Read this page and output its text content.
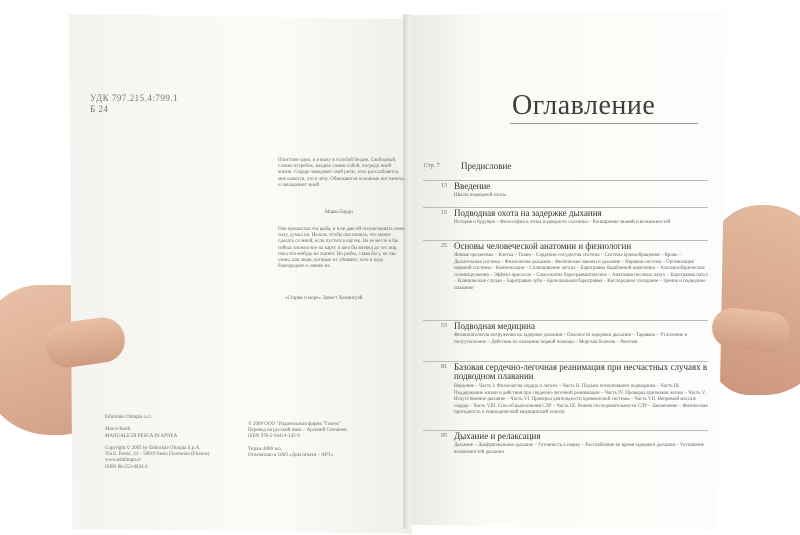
УДК 797.215.4:799.1
Б 24
Поистине одно, и я вижу в голубой бездне. Свободный, словно ястребок, владею самим собой, посреди иной жизни. Сердце замедляет свой ритм, тело расслабляется, мне кажется, что я лечу. Обнажаются основные инстинкты, и завладевает мной
Марко Барди
Она прошагала эта рыба, и я не даю ей почувствовать свою силу, думал он. Нельзя, чтобы она поняла, что может сделать со мной, если пустится наутек. На ее месте я бы сейчас вложил все на карту и шел бы вперед до тех пор, пока что-нибудь не лопнет. Но рыбы, слава богу, не так умны, как люди, которые их убивают, хоть и куда благороднее и ловчее их.
«Старик и море» Эрнест Хемингуэй
Editoriale Olimpia s.r.l.

Marco Bardi
MANUALE DI PESCA IN APNEA

Copyright © 2003 by Editoriale Olimpia S.p.A.
Via E. Fermi, 24 – 50019 Sesto Fiorentino (Firenze)
www.edolimpia.it
ISBN 88-253-0034-4
© 2009 ООО "Издательская фирма "Гелеос"
Перевод на русский язык – Арсений Степанов
ISBN 978-5-94414-145-9

Тираж 4000 экз.
Отпечатано в ОАО «Дом печати – АРТ»
Оглавление
Стр. 7 Предисловие
13 Введение
Школа подводной охоты
15 Подводная охота на задержке дыхания
История и будущее – Философия и этика подводного охотника – Расширение знаний и возможностей
25 Основы человеческой анатомии и физиологии
Живые организмы – Клетка – Ткани – Сердечно-сосудистая система – Система кровообращения – Кровь – Дыхательная система – Физиология дыхания – Физические законы и дыхание – Нервная система – Организация нервной системы – Компенсация – Сплющивание легких – Баротравма барабанной перепонки – Альтернобарические головокружения – Эффект присосок – Самосжатие баротравматическое – Анатомия носовых пазух – Баротравма пазух – Клинические случаи – Баротравма зуба – Бронхиальная баротравма – Кислородное голодание – Зрение и подводное плавание
53 Подводная медицина
Физиопатология погружения на задержке дыхания – Опасности задержки дыхания – Таравана – Утопление и полуутопление – Действия по оказанию первой помощи – Морская болезнь – Рвотная
81 Базовая сердечно-легочная реанимация при несчастных случаях в подводном плавании
Введение – Часть I. Физиология сердца и легких – Часть II. Подъем потерпевшего подводника – Часть III. Поддержание жизни и действия при сердечно-легочной реанимации – Часть IV. Проверка признаков жизни – Часть V. Искусственное дыхание – Часть VI. Проверка деятельности кровеносной системы – Часть VII. Непрямой массаж сердца – Часть VIII. Способ выполнения СЛР – Часть IX. Режим последовательности СЛР – Заключение – Физическая пригодность и периодический медицинский осмотр
95 Дыхание и релаксация
Дыхание – Диафрагмальное дыхание – Готовность к нырку – Расслабление во время задержки дыхания – Улучшение возможностей дыхания
